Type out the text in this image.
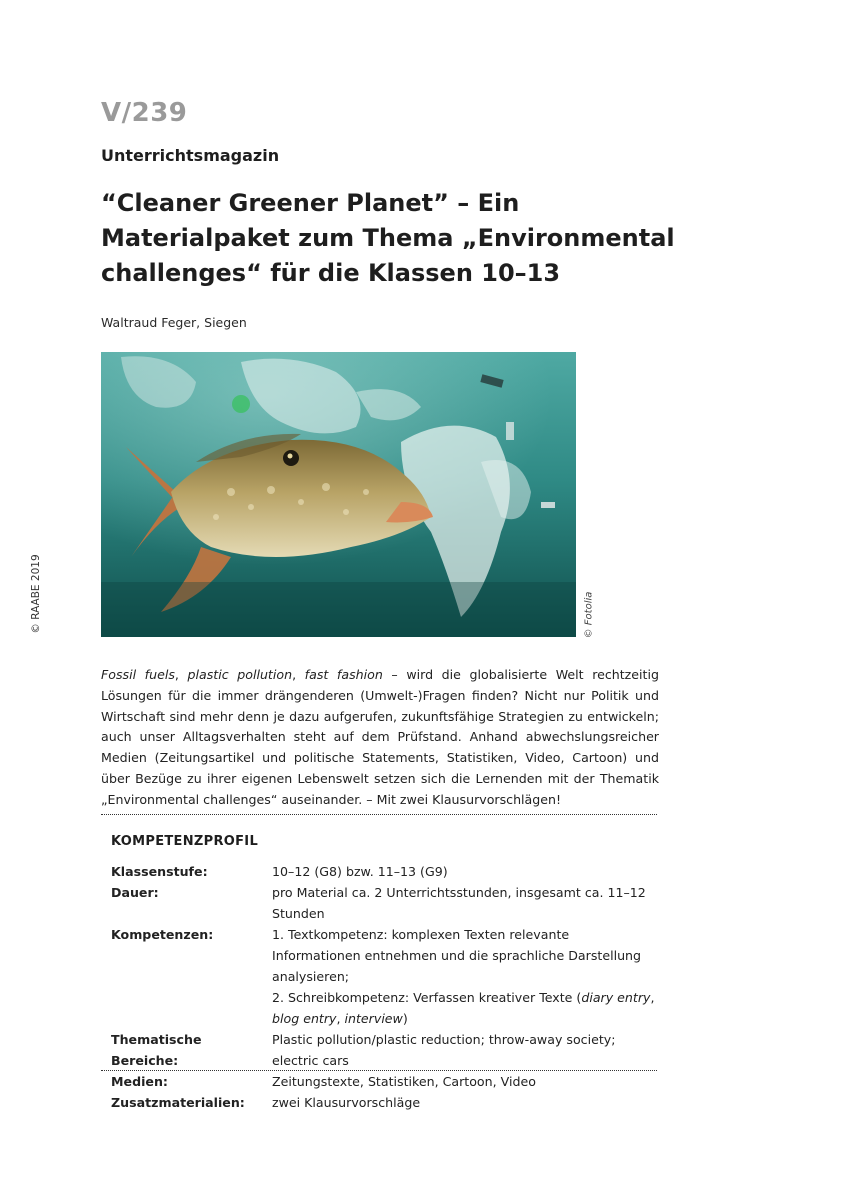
V/239
Unterrichtsmagazin
“Cleaner Greener Planet” – Ein Materialpaket zum Thema „Environmental challenges“ für die Klassen 10–13
Waltraud Feger, Siegen
© RAABE 2019	© Fotolia
Fossil fuels, plastic pollution, fast fashion – wird die globalisierte Welt rechtzeitig Lösungen für die immer drängenderen (Umwelt-)Fragen finden? Nicht nur Politik und Wirtschaft sind mehr denn je dazu aufgerufen, zukunftsfähige Strategien zu entwickeln; auch unser Alltagsverhalten steht auf dem Prüfstand. Anhand abwechslungsreicher Medien (Zeitungsartikel und politische Statements, Statistiken, Video, Cartoon) und über Bezüge zu ihrer eigenen Lebenswelt setzen sich die Lernenden mit der Thematik „Environmental challenges“ auseinander. – Mit zwei Klausurvorschlägen!
KOMPETENZPROFIL
Klassenstufe:	10–12 (G8) bzw. 11–13 (G9)
Dauer:	pro Material ca. 2 Unterrichtsstunden, insgesamt ca. 11–12 Stunden
Kompetenzen:	1. Textkompetenz: komplexen Texten relevante Informationen entnehmen und die sprachliche Darstellung analysieren;
2. Schreibkompetenz: Verfassen kreativer Texte (diary entry, blog entry, interview)
Thematische Bereiche:
Plastic pollution/plastic reduction; throw-away society; electric cars
Medien:	Zeitungstexte, Statistiken, Cartoon, Video
Zusatzmaterialien:	zwei Klausurvorschläge
